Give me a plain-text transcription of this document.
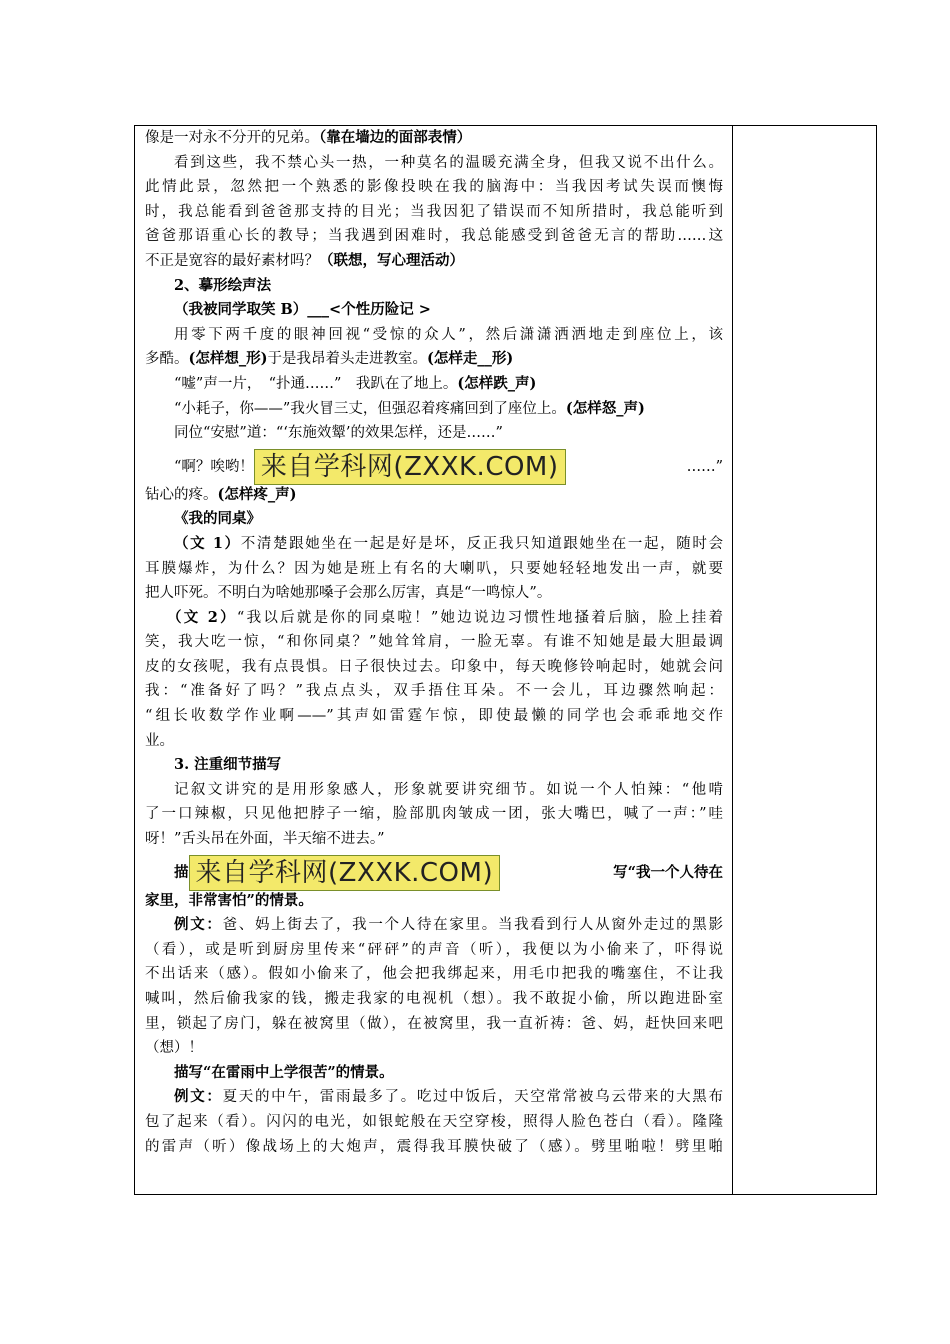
像是一对永不分开的兄弟。（靠在墙边的面部表情）
看到这些，我不禁心头一热，一种莫名的温暖充满全身，但我又说不出什么。
此情此景，忽然把一个熟悉的影像投映在我的脑海中：当我因考试失误而懊悔
时，我总能看到爸爸那支持的目光；当我因犯了错误而不知所措时，我总能听到
爸爸那语重心长的教导；当我遇到困难时，我总能感受到爸爸无言的帮助……这
不正是宽容的最好素材吗？（联想，写心理活动）
2、摹形绘声法
（我被同学取笑 B）___<个性历险记 >
用零下两千度的眼神回视“受惊的众人”，然后潇潇洒洒地走到座位上，该
多酷。(怎样想_形)于是我昂着头走进教室。(怎样走__形)
“嘘”声一片，　“扑通……”　我趴在了地上。(怎样跌_声)
“小耗子，你——”我火冒三丈，但强忍着疼痛回到了座位上。(怎样怒_声)
同位“安慰”道：“‘东施效颦’的效果怎样，还是……”
“啊？唉哟！ 来自学科网(ZXXK.COM)	……”
钻心的疼。(怎样疼_声)
《我的同桌》
（文 1）不清楚跟她坐在一起是好是坏，反正我只知道跟她坐在一起，随时会
耳膜爆炸，为什么？因为她是班上有名的大喇叭，只要她轻轻地发出一声，就要
把人吓死。不明白为啥她那嗓子会那么厉害，真是“一鸣惊人”。
（文 2）“我以后就是你的同桌啦！”她边说边习惯性地搔着后脑，脸上挂着
笑，我大吃一惊，“和你同桌？”她耸耸肩，一脸无辜。有谁不知她是最大胆最调
皮的女孩呢，我有点畏惧。日子很快过去。印象中，每天晚修铃响起时，她就会问
我：“准备好了吗？”我点点头，双手捂住耳朵。不一会儿，耳边骤然响起：
“组长收数学作业啊——”其声如雷霆乍惊，即使最懒的同学也会乖乖地交作
业。
3. 注重细节描写
记叙文讲究的是用形象感人，形象就要讲究细节。如说一个人怕辣：“他啃
了一口辣椒，只见他把脖子一缩，脸部肌肉皱成一团，张大嘴巴，喊了一声：”哇
呀！”舌头吊在外面，半天缩不进去。”
描 来自学科网(ZXXK.COM)	写“我一个人待在
家里，非常害怕”的情景。
例文：爸、妈上街去了，我一个人待在家里。当我看到行人从窗外走过的黑影
（看），或是听到厨房里传来“砰砰”的声音（听），我便以为小偷来了，吓得说
不出话来（感）。假如小偷来了，他会把我绑起来，用毛巾把我的嘴塞住，不让我
喊叫，然后偷我家的钱，搬走我家的电视机（想）。我不敢捉小偷，所以跑进卧室
里，锁起了房门，躲在被窝里（做），在被窝里，我一直祈祷：爸、妈，赶快回来吧
（想）！
描写“在雷雨中上学很苦”的情景。
例文：夏天的中午，雷雨最多了。吃过中饭后，天空常常被乌云带来的大黑布
包了起来（看）。闪闪的电光，如银蛇般在天空穿梭，照得人脸色苍白（看）。隆隆
的雷声（听）像战场上的大炮声，震得我耳膜快破了（感）。劈里啪啦！劈里啪
